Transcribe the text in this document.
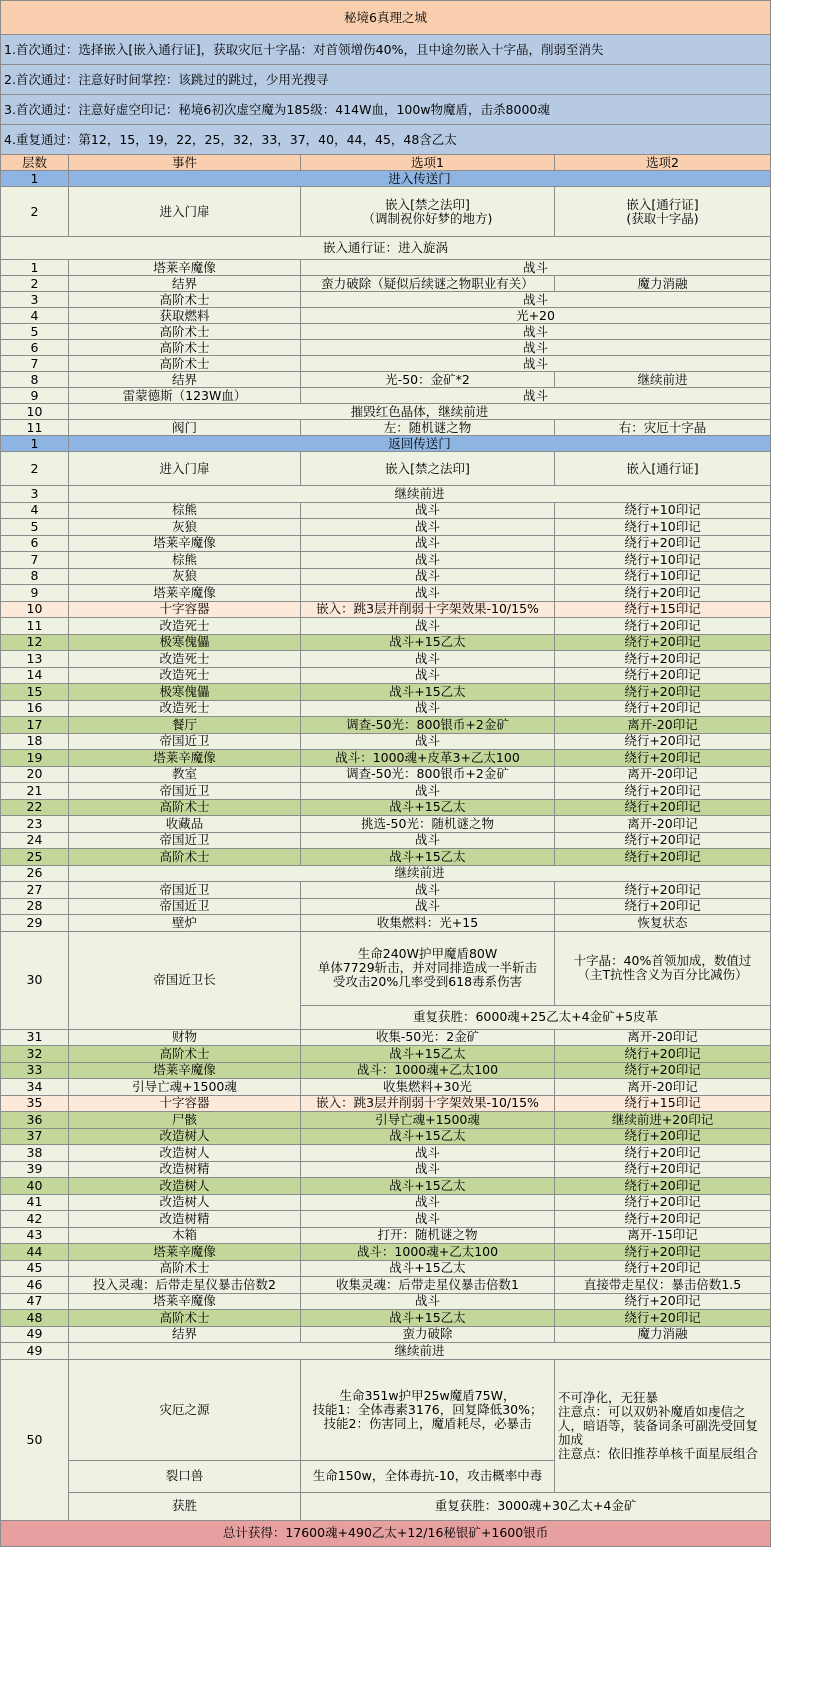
秘境6真理之城			
1.首次通过：选择嵌入[嵌入通行证]，获取灾厄十字晶：对首领增伤40%，且中途勿嵌入十字晶，削弱至消失			
2.首次通过：注意好时间掌控：该跳过的跳过，少用光搜寻			
3.首次通过：注意好虚空印记：秘境6初次虚空魔为185级：414W血，100w物魔盾，击杀8000魂			
4.重复通过：第12，15，19，22，25，32，33，37，40，44，45，48含乙太			
层数	事件	选项1	选项2
1	进入传送门		
2	进入门扉	嵌入[禁之法印]
（调制祝你好梦的地方)	嵌入[通行证]
(获取十字晶)
嵌入通行证：进入旋涡			
1	塔莱辛魔像	战斗	
2	结界	蛮力破除（疑似后续谜之物职业有关）	魔力消融
3	高阶术士	战斗	
4	获取燃料	光+20	
5	高阶术士	战斗	
6	高阶术士	战斗	
7	高阶术士	战斗	
8	结界	光-50：金矿*2	继续前进
9	雷蒙德斯（123W血）	战斗	
10	摧毁红色晶体，继续前进		
11	阀门	左：随机谜之物	右：灾厄十字晶
1	返回传送门		
2	进入门扉	嵌入[禁之法印]	嵌入[通行证]
3	继续前进		
4	棕熊	战斗	绕行+10印记
5	灰狼	战斗	绕行+10印记
6	塔莱辛魔像	战斗	绕行+20印记
7	棕熊	战斗	绕行+10印记
8	灰狼	战斗	绕行+10印记
9	塔莱辛魔像	战斗	绕行+20印记
10	十字容器	嵌入：跳3层并削弱十字架效果-10/15%	绕行+15印记
11	改造死士	战斗	绕行+20印记
12	极寒傀儡	战斗+15乙太	绕行+20印记
13	改造死士	战斗	绕行+20印记
14	改造死士	战斗	绕行+20印记
15	极寒傀儡	战斗+15乙太	绕行+20印记
16	改造死士	战斗	绕行+20印记
17	餐厅	调查-50光：800银币+2金矿	离开-20印记
18	帝国近卫	战斗	绕行+20印记
19	塔莱辛魔像	战斗：1000魂+皮革3+乙太100	绕行+20印记
20	教室	调查-50光：800银币+2金矿	离开-20印记
21	帝国近卫	战斗	绕行+20印记
22	高阶术士	战斗+15乙太	绕行+20印记
23	收藏品	挑选-50光：随机谜之物	离开-20印记
24	帝国近卫	战斗	绕行+20印记
25	高阶术士	战斗+15乙太	绕行+20印记
26	继续前进		
27	帝国近卫	战斗	绕行+20印记
28	帝国近卫	战斗	绕行+20印记
29	壁炉	收集燃料：光+15	恢复状态
30	帝国近卫长	生命240W护甲魔盾80W
单体7729斩击，并对同排造成一半斩击
受攻击20%几率受到618毒系伤害	十字晶：40%首领加成，数值过
（主T抗性含义为百分比减伤）
		重复获胜：6000魂+25乙太+4金矿+5皮革	
31	财物	收集-50光：2金矿	离开-20印记
32	高阶术士	战斗+15乙太	绕行+20印记
33	塔莱辛魔像	战斗：1000魂+乙太100	绕行+20印记
34	引导亡魂+1500魂	收集燃料+30光	离开-20印记
35	十字容器	嵌入：跳3层并削弱十字架效果-10/15%	绕行+15印记
36	尸骸	引导亡魂+1500魂	继续前进+20印记
37	改造树人	战斗+15乙太	绕行+20印记
38	改造树人	战斗	绕行+20印记
39	改造树精	战斗	绕行+20印记
40	改造树人	战斗+15乙太	绕行+20印记
41	改造树人	战斗	绕行+20印记
42	改造树精	战斗	绕行+20印记
43	木箱	打开：随机谜之物	离开-15印记
44	塔莱辛魔像	战斗：1000魂+乙太100	绕行+20印记
45	高阶术士	战斗+15乙太	绕行+20印记
46	投入灵魂：后带走星仪暴击倍数2	收集灵魂：后带走星仪暴击倍数1	直接带走星仪：暴击倍数1.5
47	塔莱辛魔像	战斗	绕行+20印记
48	高阶术士	战斗+15乙太	绕行+20印记
49	结界	蛮力破除	魔力消融
49	继续前进		
50	灾厄之源	生命351w护甲25w魔盾75W，
技能1：全体毒素3176，回复降低30%；
技能2：伤害同上，魔盾耗尽，必暴击	不可净化，无狂暴
注意点：可以双奶补魔盾如虔信之人，暗语等，装备词条可副洗受回复加成
注意点：依旧推荐单核千面星辰组合
	裂口兽	生命150w，全体毒抗-10，攻击概率中毒	
	获胜	重复获胜：3000魂+30乙太+4金矿	
总计获得：17600魂+490乙太+12/16秘银矿+1600银币			
